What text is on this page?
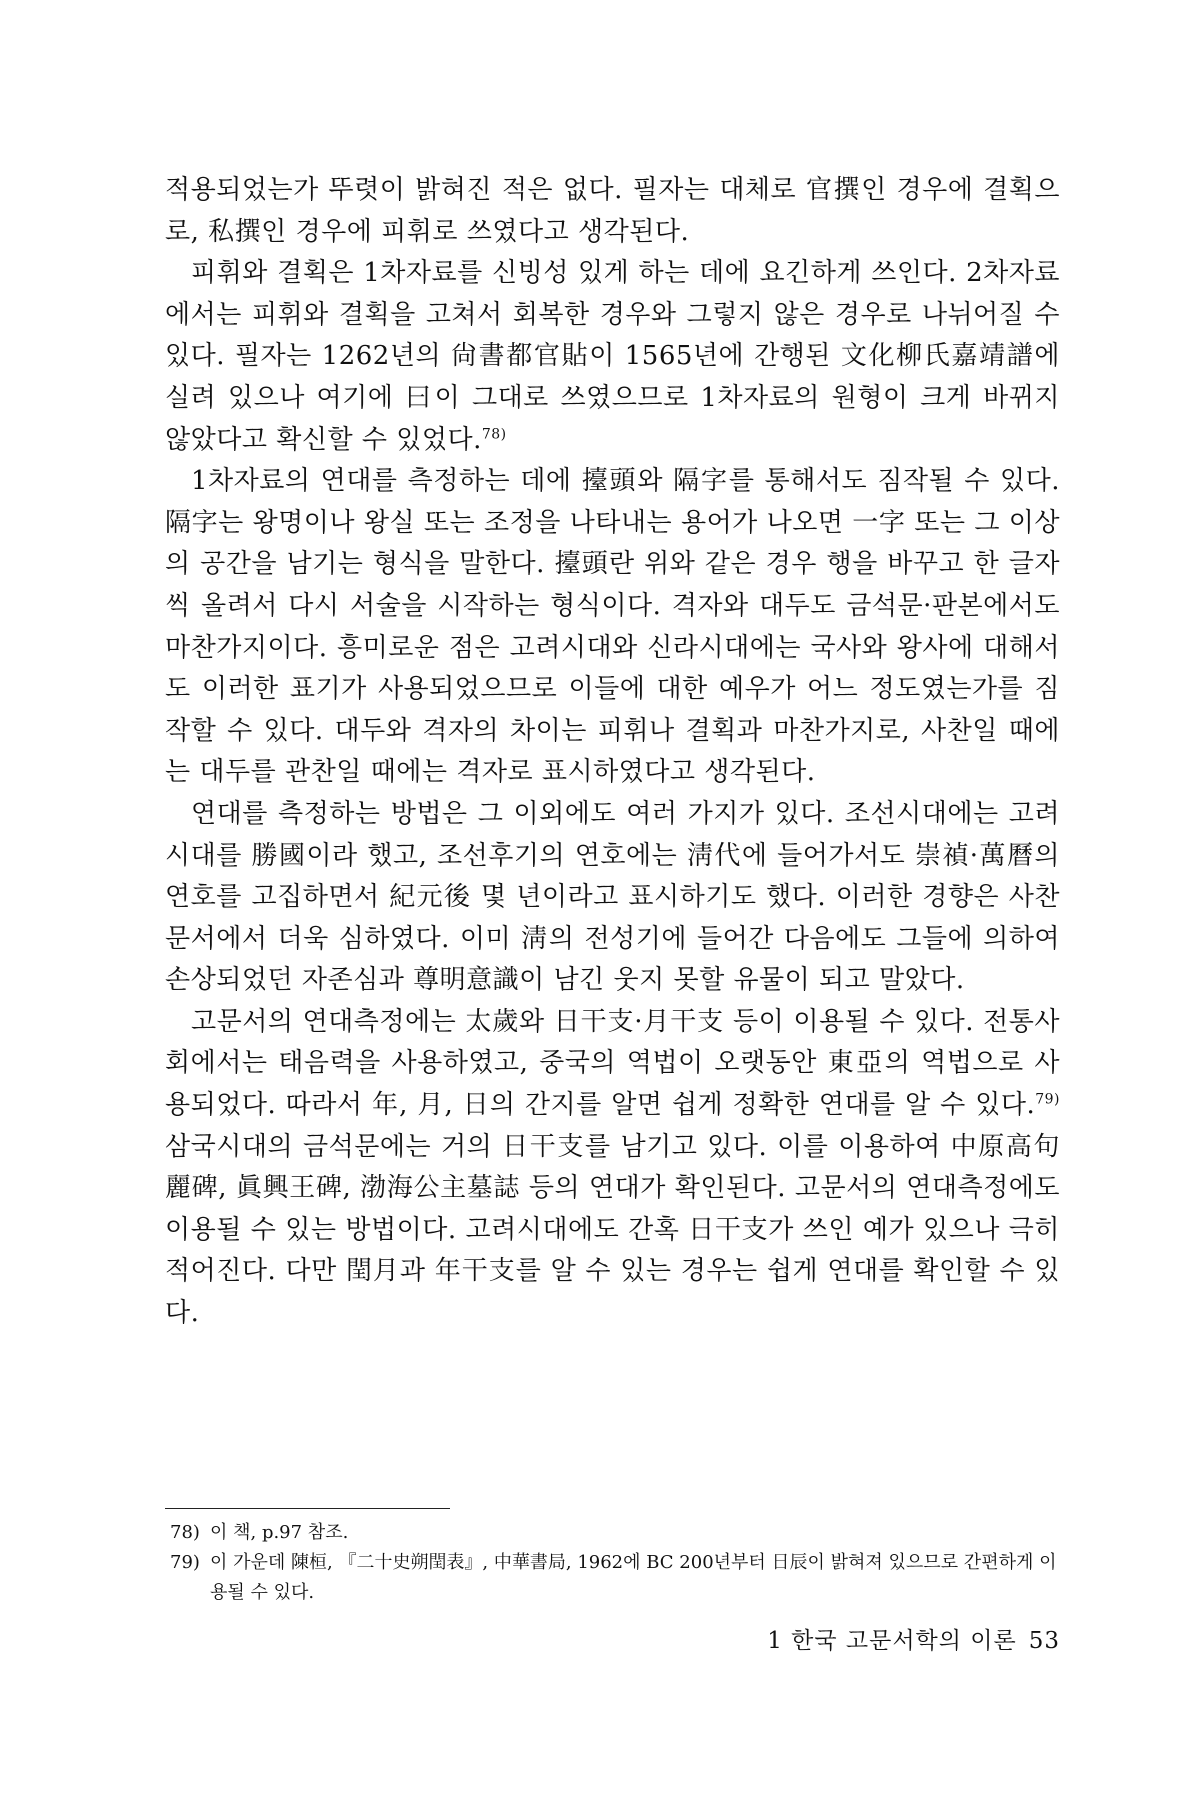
적용되었는가 뚜렷이 밝혀진 적은 없다. 필자는 대체로 官撰인 경우에 결획으로, 私撰인 경우에 피휘로 쓰였다고 생각된다.

피휘와 결획은 1차자료를 신빙성 있게 하는 데에 요긴하게 쓰인다. 2차자료에서는 피휘와 결획을 고쳐서 회복한 경우와 그렇지 않은 경우로 나뉘어질 수 있다. 필자는 1262년의 尙書都官貼이 1565년에 간행된 文化柳氏嘉靖譜에 실려 있으나 여기에 曰이 그대로 쓰였으므로 1차자료의 원형이 크게 바뀌지 않았다고 확신할 수 있었다.$^{78)}$

1차자료의 연대를 측정하는 데에 擡頭와 隔字를 통해서도 짐작될 수 있다. 隔字는 왕명이나 왕실 또는 조정을 나타내는 용어가 나오면 一字 또는 그 이상의 공간을 남기는 형식을 말한다. 擡頭란 위와 같은 경우 행을 바꾸고 한 글자씩 올려서 다시 서술을 시작하는 형식이다. 격자와 대두도 금석문·판본에서도 마찬가지이다. 흥미로운 점은 고려시대와 신라시대에는 국사와 왕사에 대해서도 이러한 표기가 사용되었으므로 이들에 대한 예우가 어느 정도였는가를 짐작할 수 있다. 대두와 격자의 차이는 피휘나 결획과 마찬가지로, 사찬일 때에는 대두를 관찬일 때에는 격자로 표시하였다고 생각된다.

연대를 측정하는 방법은 그 이외에도 여러 가지가 있다. 조선시대에는 고려시대를 勝國이라 했고, 조선후기의 연호에는 淸代에 들어가서도 崇禎·萬曆의 연호를 고집하면서 紀元後 몇 년이라고 표시하기도 했다. 이러한 경향은 사찬문서에서 더욱 심하였다. 이미 淸의 전성기에 들어간 다음에도 그들에 의하여 손상되었던 자존심과 尊明意識이 남긴 웃지 못할 유물이 되고 말았다.

고문서의 연대측정에는 太歲와 日干支·月干支 등이 이용될 수 있다. 전통사회에서는 태음력을 사용하였고, 중국의 역법이 오랫동안 東亞의 역법으로 사용되었다. 따라서 年, 月, 日의 간지를 알면 쉽게 정확한 연대를 알 수 있다.$^{79)}$ 삼국시대의 금석문에는 거의 日干支를 남기고 있다. 이를 이용하여 中原高句麗碑, 眞興王碑, 渤海公主墓誌 등의 연대가 확인된다. 고문서의 연대측정에도 이용될 수 있는 방법이다. 고려시대에도 간혹 日干支가 쓰인 예가 있으나 극히 적어진다. 다만 閏月과 年干支를 알 수 있는 경우는 쉽게 연대를 확인할 수 있다.

78) 이 책, p.97 참조.
79) 이 가운데 陳桓, 『二十史朔閏表』, 中華書局, 1962에 BC 200년부터 日辰이 밝혀져 있으므로 간편하게 이용될 수 있다.
1 한국 고문서학의 이론 53
